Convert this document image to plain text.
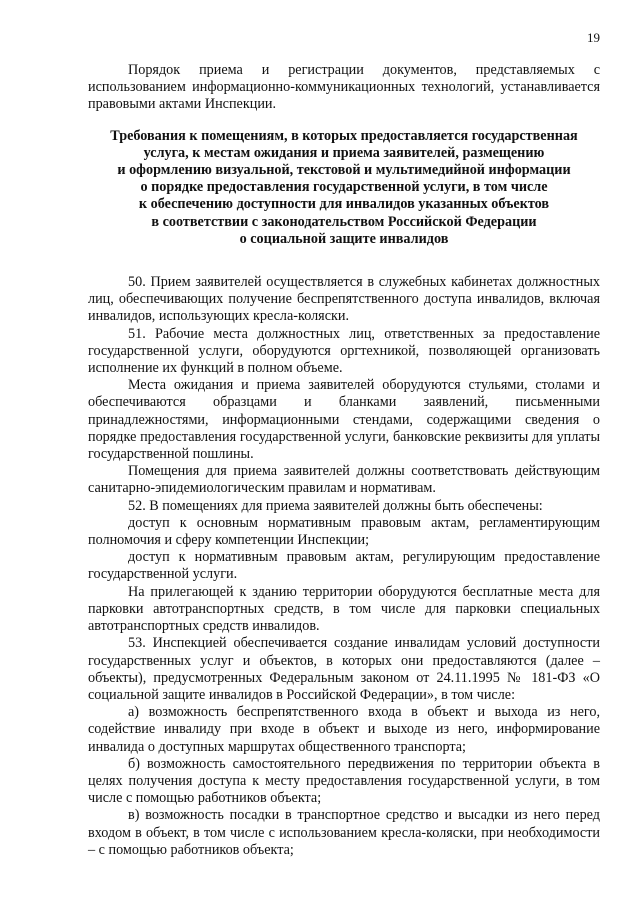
19

Порядок приема и регистрации документов, представляемых с использованием информационно-коммуникационных технологий, устанавливается правовыми актами Инспекции.

Требования к помещениям, в которых предоставляется государственная
услуга, к местам ожидания и приема заявителей, размещению
и оформлению визуальной, текстовой и мультимедийной информации
о порядке предоставления государственной услуги, в том числе
к обеспечению доступности для инвалидов указанных объектов
в соответствии с законодательством Российской Федерации
о социальной защите инвалидов

50. Прием заявителей осуществляется в служебных кабинетах должностных лиц, обеспечивающих получение беспрепятственного доступа инвалидов, включая инвалидов, использующих кресла-коляски.

51. Рабочие места должностных лиц, ответственных за предоставление государственной услуги, оборудуются оргтехникой, позволяющей организовать исполнение их функций в полном объеме.

Места ожидания и приема заявителей оборудуются стульями, столами и обеспечиваются образцами и бланками заявлений, письменными принадлежностями, информационными стендами, содержащими сведения о порядке предоставления государственной услуги, банковские реквизиты для уплаты государственной пошлины.

Помещения для приема заявителей должны соответствовать действующим санитарно-эпидемиологическим правилам и нормативам.

52. В помещениях для приема заявителей должны быть обеспечены:

доступ к основным нормативным правовым актам, регламентирующим полномочия и сферу компетенции Инспекции;

доступ к нормативным правовым актам, регулирующим предоставление государственной услуги.

На прилегающей к зданию территории оборудуются бесплатные места для парковки автотранспортных средств, в том числе для парковки специальных автотранспортных средств инвалидов.

53. Инспекцией обеспечивается создание инвалидам условий доступности государственных услуг и объектов, в которых они предоставляются (далее – объекты), предусмотренных Федеральным законом от 24.11.1995 № 181-ФЗ «О социальной защите инвалидов в Российской Федерации», в том числе:

а) возможность беспрепятственного входа в объект и выхода из него, содействие инвалиду при входе в объект и выходе из него, информирование инвалида о доступных маршрутах общественного транспорта;

б) возможность самостоятельного передвижения по территории объекта в целях получения доступа к месту предоставления государственной услуги, в том числе с помощью работников объекта;

в) возможность посадки в транспортное средство и высадки из него перед входом в объект, в том числе с использованием кресла-коляски, при необходимости – с помощью работников объекта;
